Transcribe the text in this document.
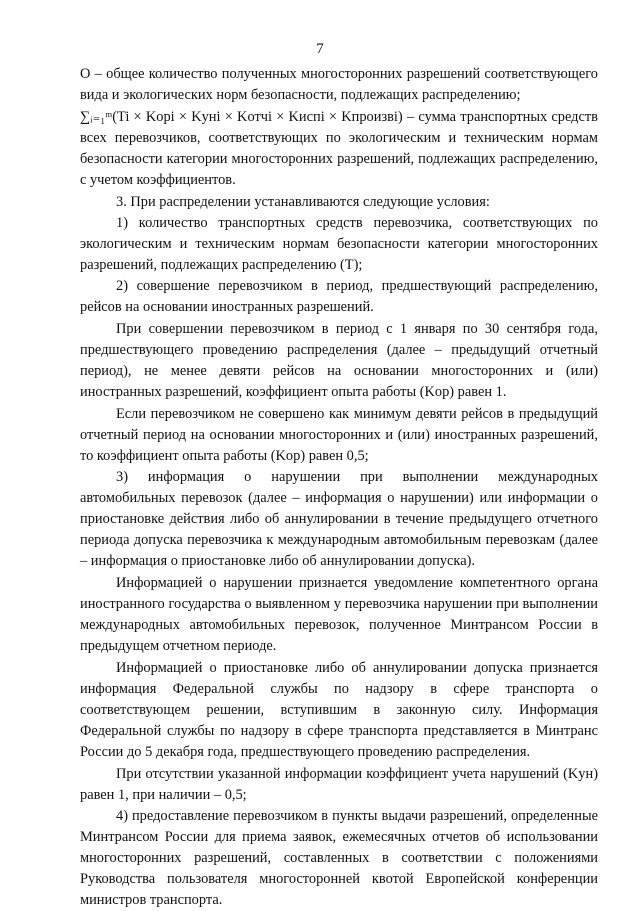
7

O – общее количество полученных многосторонних разрешений соответствующего вида и экологических норм безопасности, подлежащих распределению;

∑ᵢ₌₁ᵐ(Ti × Kорi × Kуні × Kотчi × Kиспi × Kпроизвi) – сумма транспортных средств всех перевозчиков, соответствующих по экологическим и техническим нормам безопасности категории многосторонних разрешений, подлежащих распределению, с учетом коэффициентов.

3. При распределении устанавливаются следующие условия:

1) количество транспортных средств перевозчика, соответствующих по экологическим и техническим нормам безопасности категории многосторонних разрешений, подлежащих распределению (T);

2) совершение перевозчиком в период, предшествующий распределению, рейсов на основании иностранных разрешений.

При совершении перевозчиком в период с 1 января по 30 сентября года, предшествующего проведению распределения (далее – предыдущий отчетный период), не менее девяти рейсов на основании многосторонних и (или) иностранных разрешений, коэффициент опыта работы (Kор) равен 1.

Если перевозчиком не совершено как минимум девяти рейсов в предыдущий отчетный период на основании многосторонних и (или) иностранных разрешений, то коэффициент опыта работы (Kор) равен 0,5;

3) информация о нарушении при выполнении международных автомобильных перевозок (далее – информация о нарушении) или информации о приостановке действия либо об аннулировании в течение предыдущего отчетного периода допуска перевозчика к международным автомобильным перевозкам (далее – информация о приостановке либо об аннулировании допуска).

Информацией о нарушении признается уведомление компетентного органа иностранного государства о выявленном у перевозчика нарушении при выполнении международных автомобильных перевозок, полученное Минтрансом России в предыдущем отчетном периоде.

Информацией о приостановке либо об аннулировании допуска признается информация Федеральной службы по надзору в сфере транспорта о соответствующем решении, вступившим в законную силу. Информация Федеральной службы по надзору в сфере транспорта представляется в Минтранс России до 5 декабря года, предшествующего проведению распределения.

При отсутствии указанной информации коэффициент учета нарушений (Kун) равен 1, при наличии – 0,5;

4) предоставление перевозчиком в пункты выдачи разрешений, определенные Минтрансом России для приема заявок, ежемесячных отчетов об использовании многосторонних разрешений, составленных в соответствии с положениями Руководства пользователя многосторонней квотой Европейской конференции министров транспорта.
